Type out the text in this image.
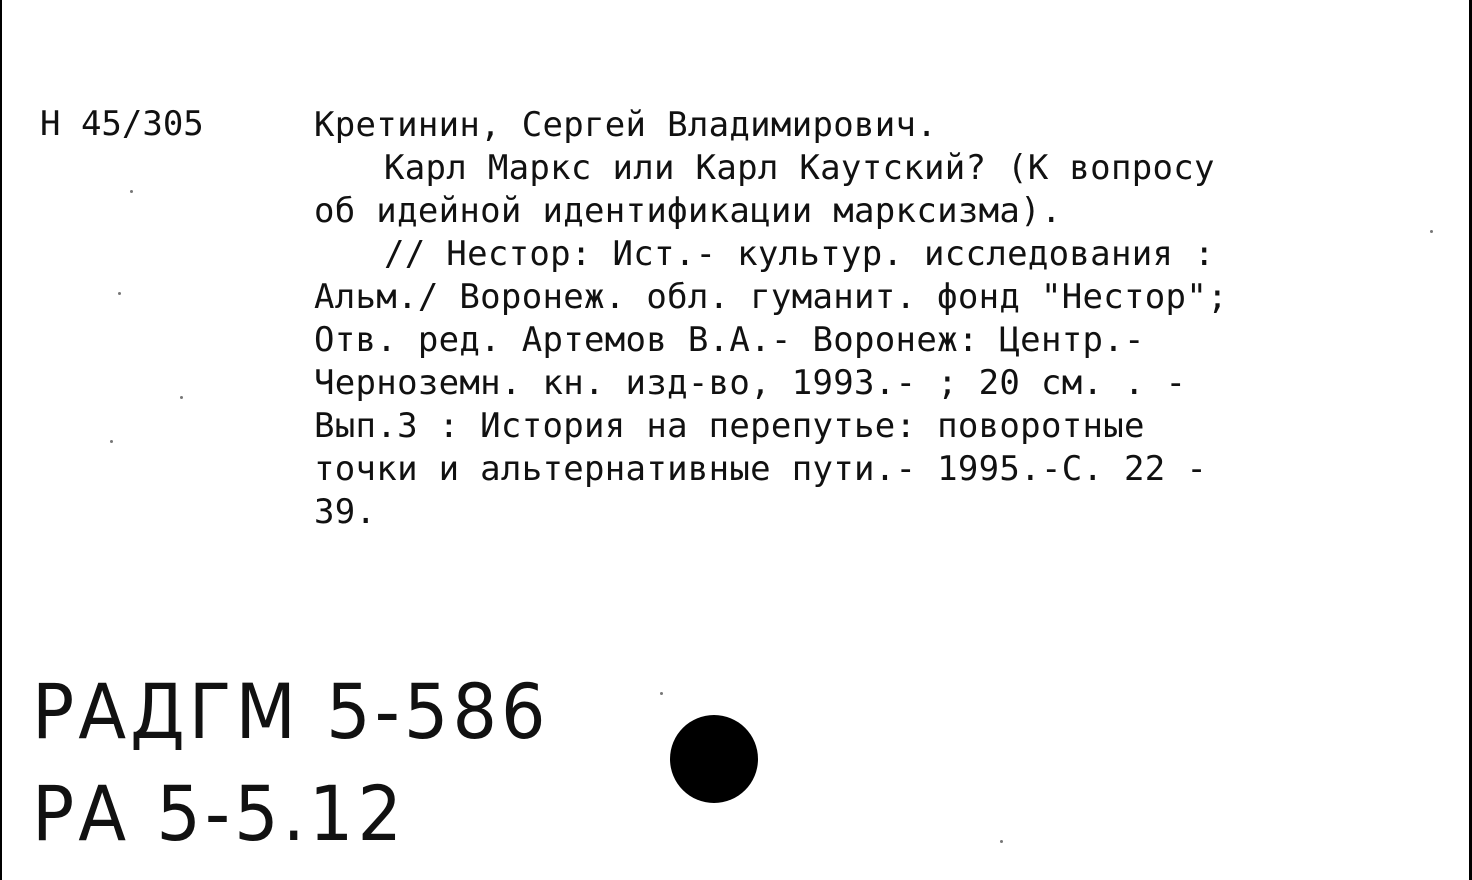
Н 45/305	Кретинин, Сергей Владимирович.
Карл Маркс или Карл Каутский? (К вопросу
об идейной идентификации марксизма).
// Нестор: Ист.- культур. исследования :
Альм./ Воронеж. обл. гуманит. фонд "Нестор";
Отв. ред. Артемов В.А.- Воронеж: Центр.-
Черноземн. кн. изд-во, 1993.- ; 20 см. . -
Вып.3 : История на перепутье: поворотные
точки и альтернативные пути.- 1995.-С. 22 -
39.
РАДГМ 5-586
РА 5-5.12
